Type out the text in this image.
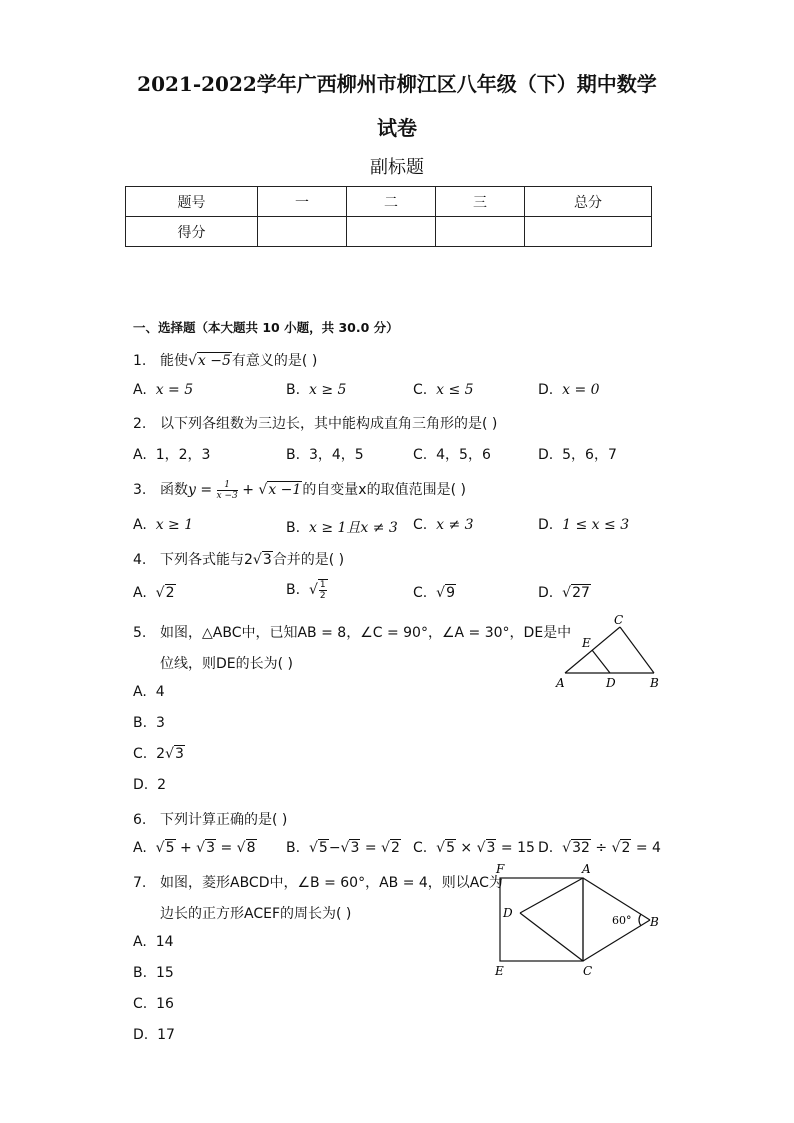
2021-2022学年广西柳州市柳江区八年级（下）期中数学
试卷
副标题
题号	一	二	三	总分
得分				
一、选择题（本大题共 10 小题，共 30.0 分）
1. 能使√x −5有意义的是( )
A. x = 5	B. x ≥ 5	C. x ≤ 5	D. x = 0
2. 以下列各组数为三边长，其中能构成直角三角形的是( )
A. 1，2，3	B. 3，4，5	C. 4，5，6	D. 5，6，7
3. 函数$y = \frac{1}{x -3} + √x -1$的自变量x的取值范围是( )
A. x ≥ 1	B. x ≥ 1且x ≠ 3 C. x ≠ 3	D. 1 ≤ x ≤ 3
4. 下列各式能与2√3合并的是( )
A.  √2	B.  √ $\frac{1}{2}$	C.  √9	D.  √27
5. 如图，△ABC中，已知AB = 8，∠C = 90°，∠A = 30°，DE是中
位线，则DE的长为( )
A. 4
B. 3
C. 2√3
D. 2
C
E
A	D	B
6. 下列计算正确的是( )
A.  √5 + √3 = √8 B.  √5−√3 = √2 C.  √5 × √3 = 15 D.  √32 ÷ √2 = 4
7. 如图，菱形ABCD中，∠B = 60°，AB = 4，则以AC为
边长的正方形ACEF的周长为( )
A. 14
B. 15
C. 16
D. 17
F	A
D
B
60°
E	C
